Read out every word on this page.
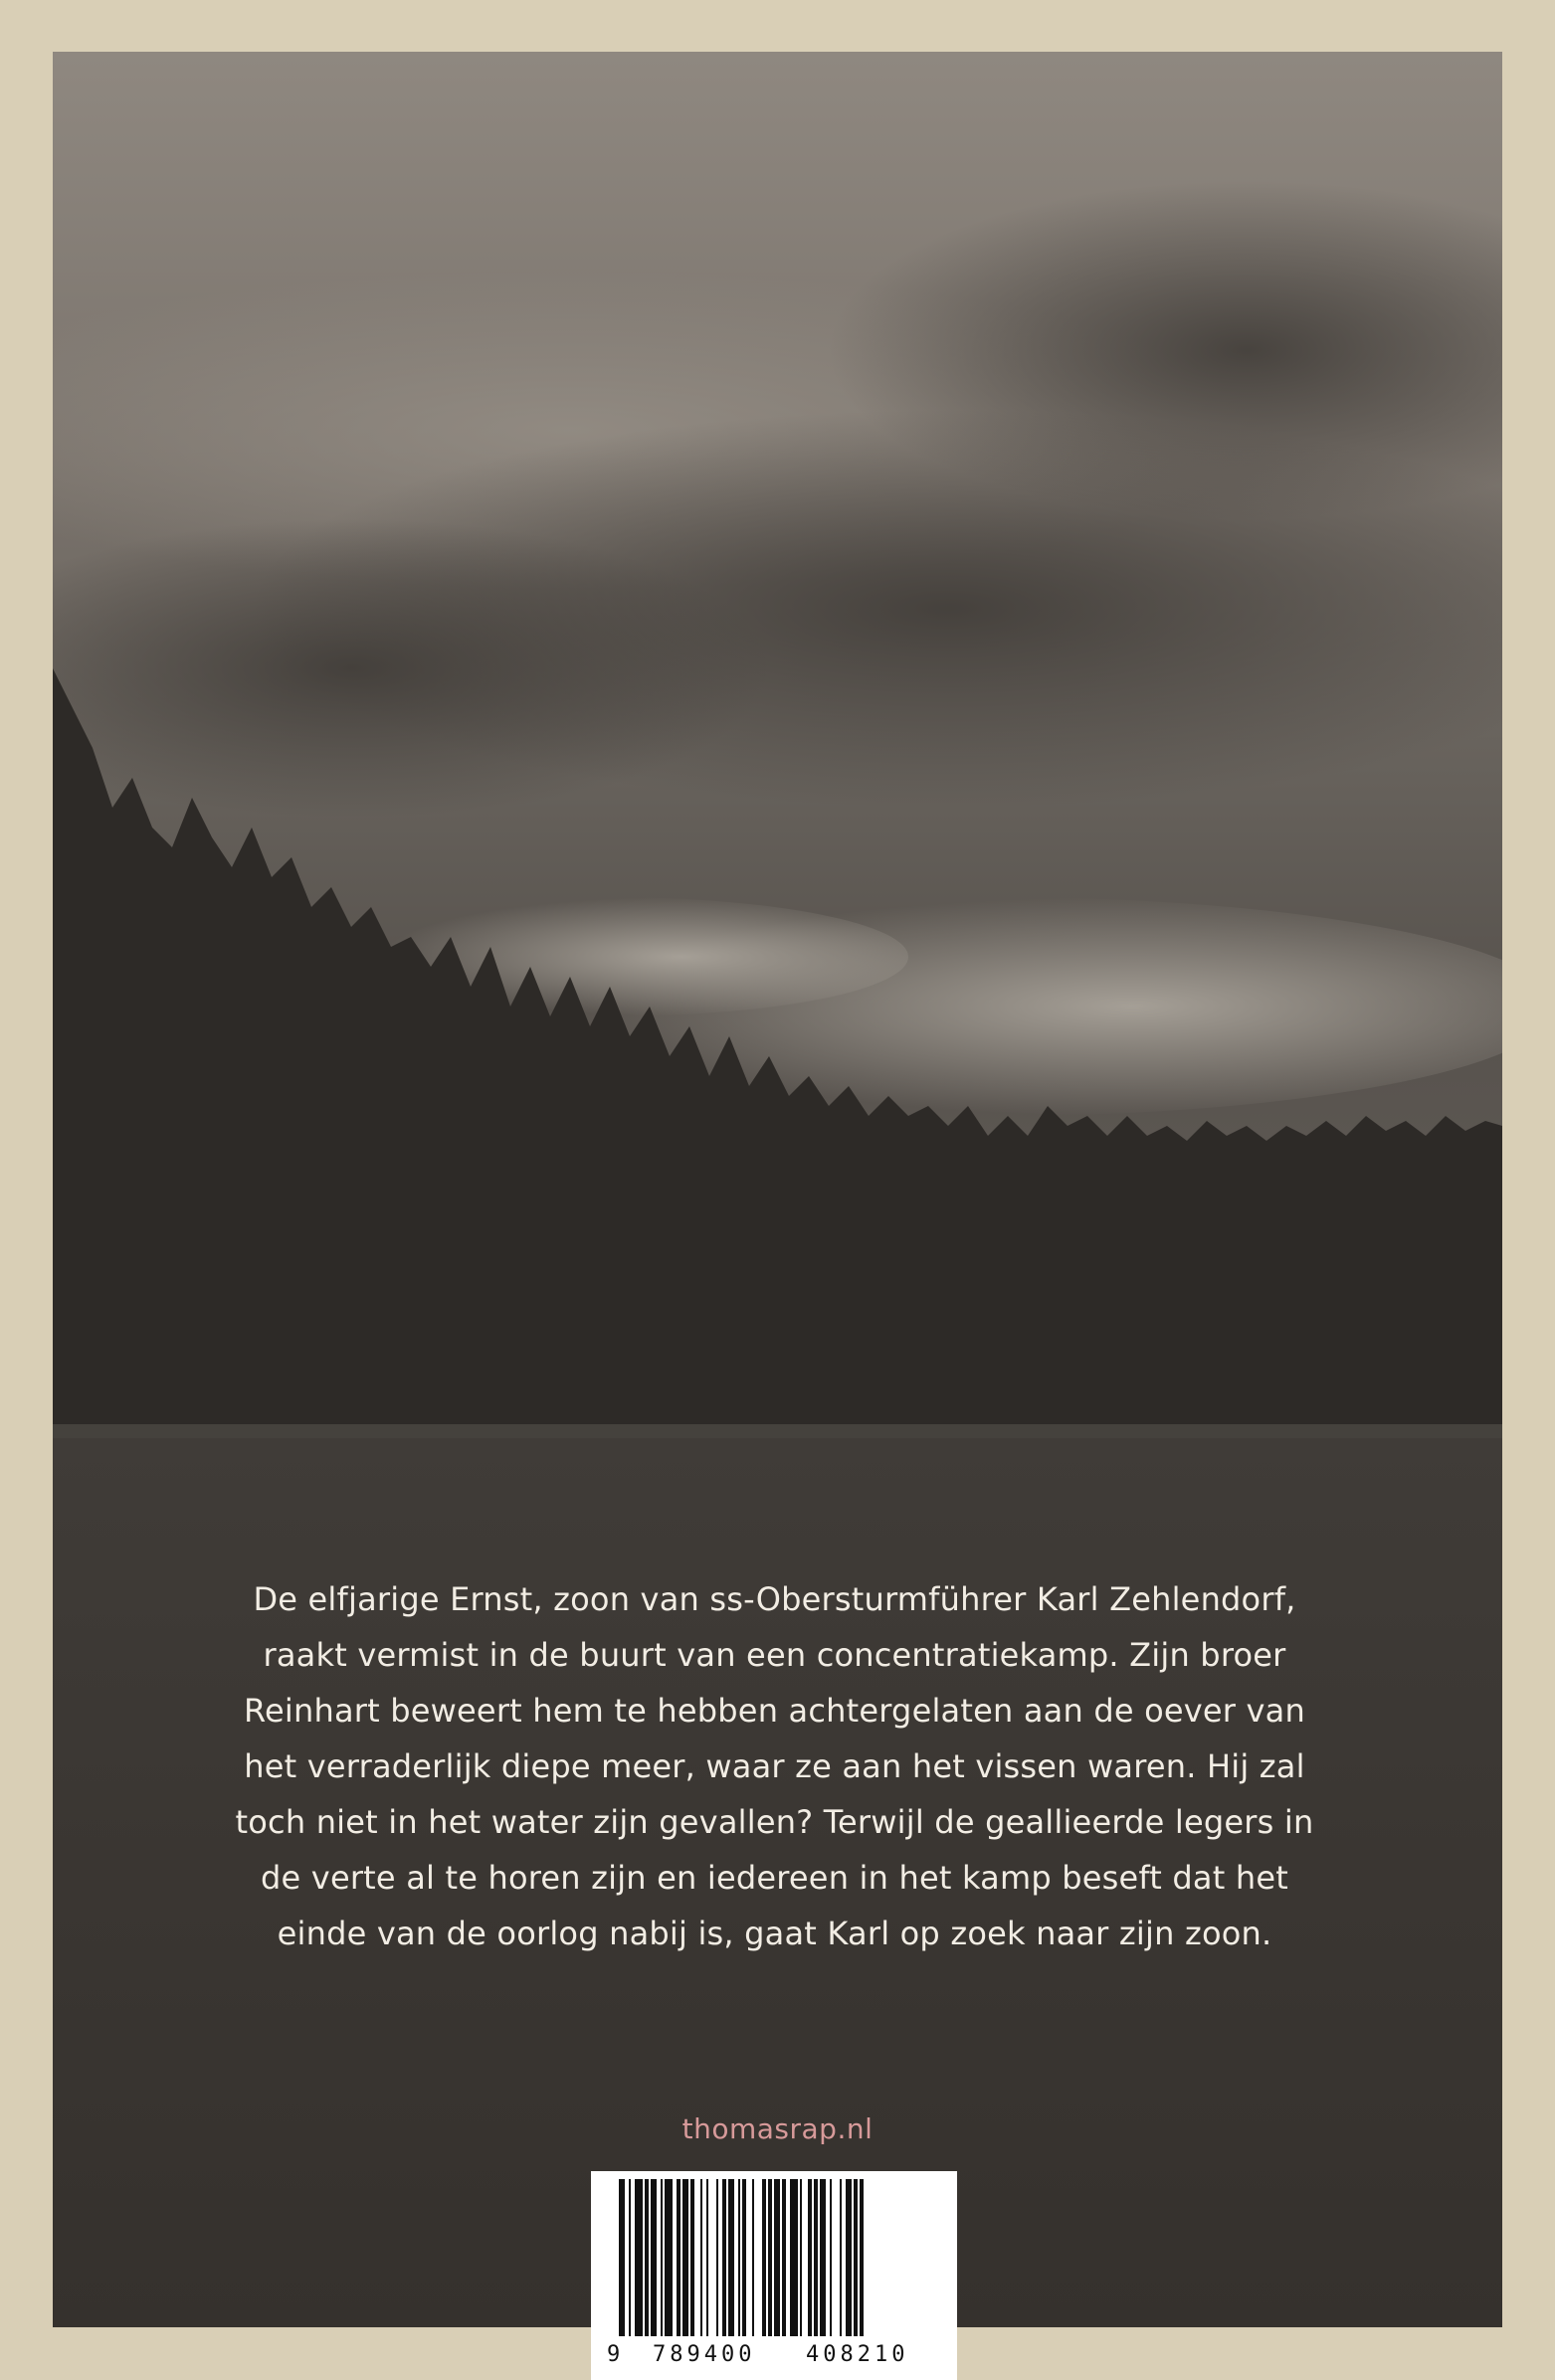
De elfjarige Ernst, zoon van ss-Obersturmführer Karl Zehlendorf,
raakt vermist in de buurt van een concentratiekamp. Zijn broer
Reinhart beweert hem te hebben achtergelaten aan de oever van
het verraderlijk diepe meer, waar ze aan het vissen waren. Hij zal
toch niet in het water zijn gevallen? Terwijl de geallieerde legers in
de verte al te horen zijn en iedereen in het kamp beseft dat het
einde van de oorlog nabij is, gaat Karl op zoek naar zijn zoon.

thomasrap.nl
9 789400 408210
